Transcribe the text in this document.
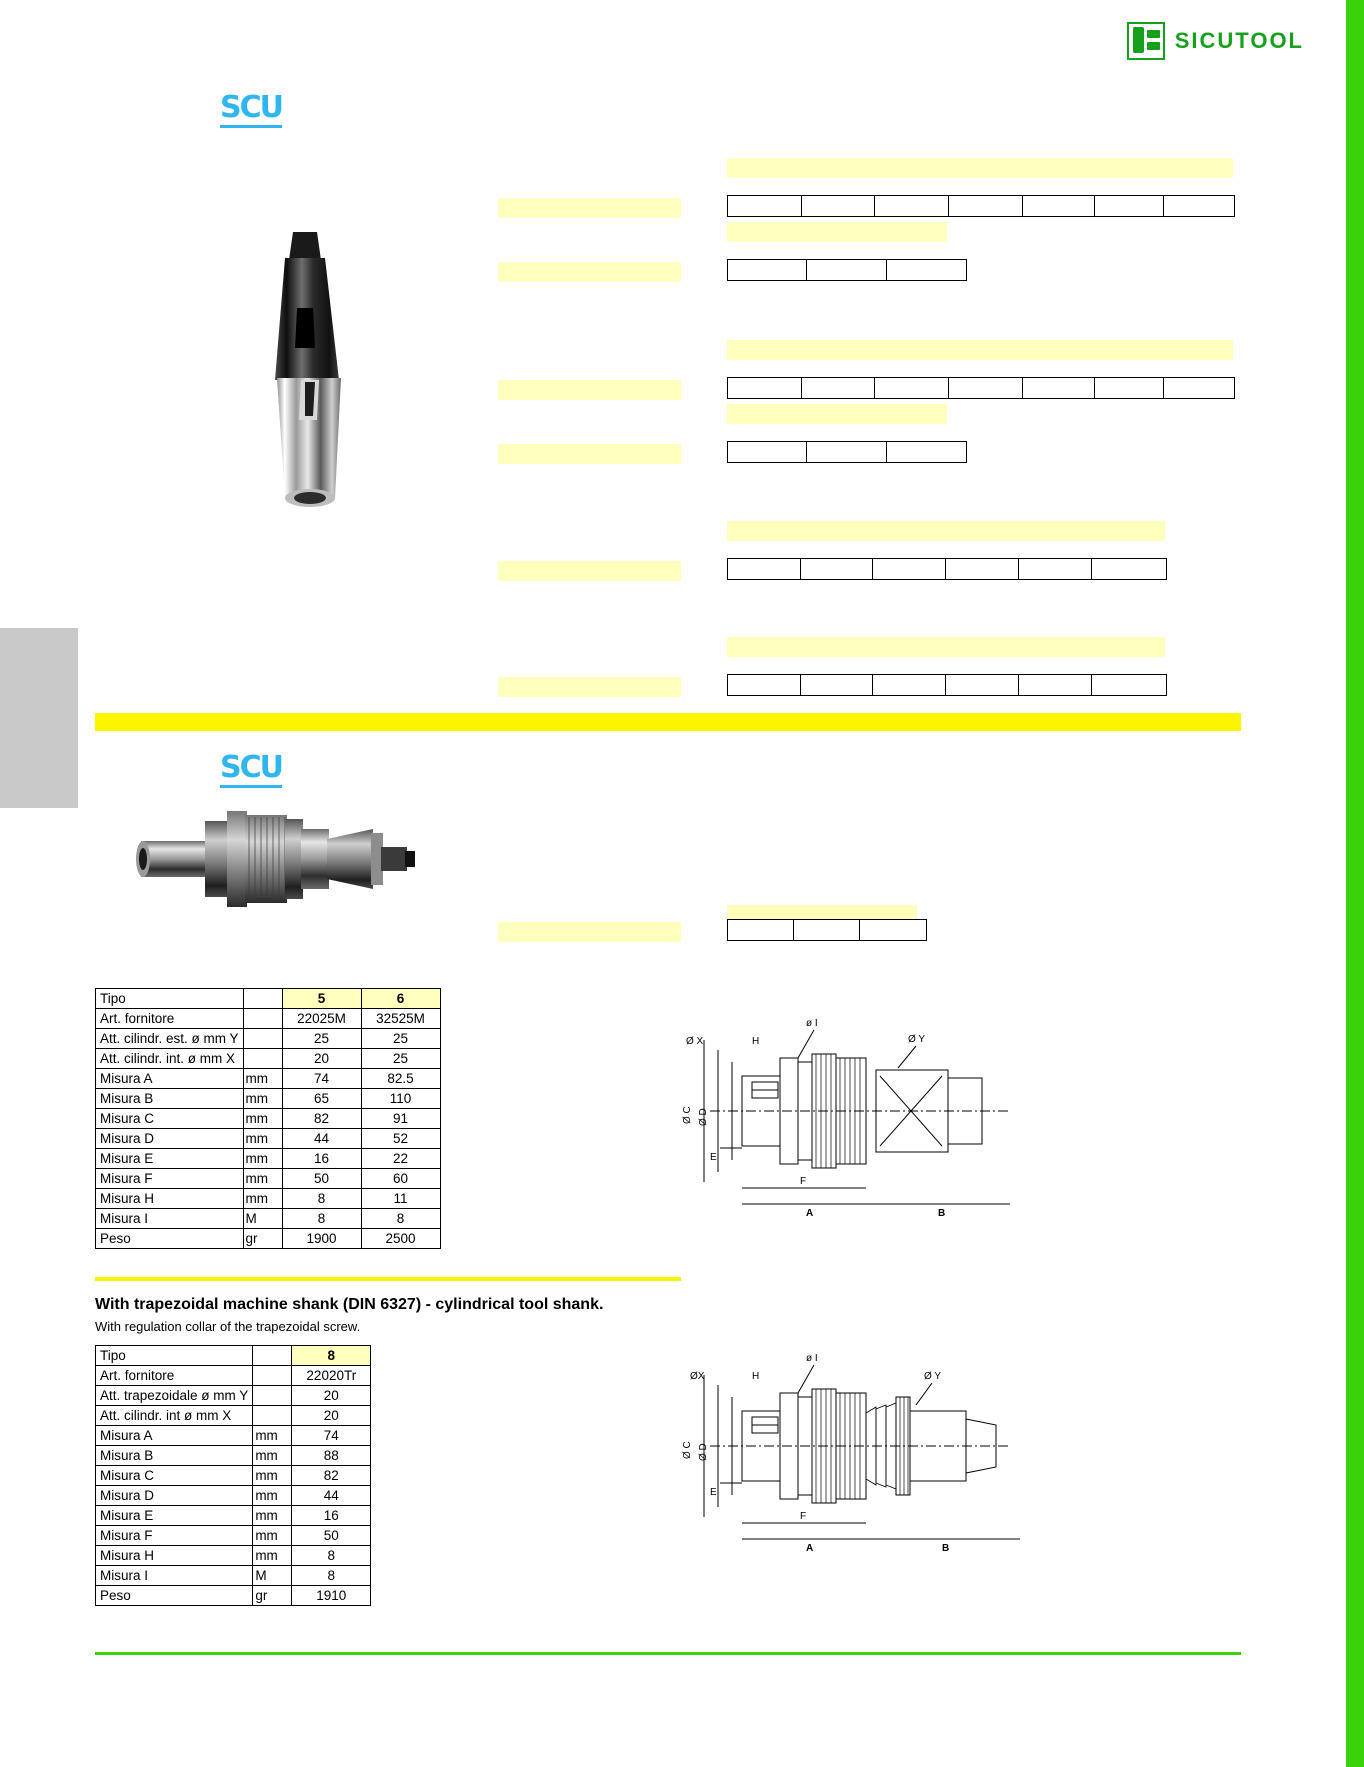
SICUTOOL
SCU
SCU
Tipo		5	6
Art. fornitore		22025M	32525M
Att. cilindr. est. ø mm Y		25	25
Att. cilindr. int. ø mm X		20	25
Misura A	mm	74	82.5
Misura B	mm	65	110
Misura C	mm	82	91
Misura D	mm	44	52
Misura E	mm	16	22
Misura F	mm	50	60
Misura H	mm	8	11
Misura I	M	8	8
Peso	gr	1900	2500
ø I
Ø X	H	Ø Y
Ø C Ø D
E
F
A	B
With trapezoidal machine shank (DIN 6327) - cylindrical tool shank.
With regulation collar of the trapezoidal screw.
Tipo		8
Art. fornitore		22020Tr
Att. trapezoidale ø mm Y		20
Att. cilindr. int ø mm X		20
Misura A	mm	74
Misura B	mm	88
Misura C	mm	82
Misura D	mm	44
Misura E	mm	16
Misura F	mm	50
Misura H	mm	8
Misura I	M	8
Peso	gr	1910
ø I
ØX	H	Ø Y
Ø C Ø D
E
F
A	B
